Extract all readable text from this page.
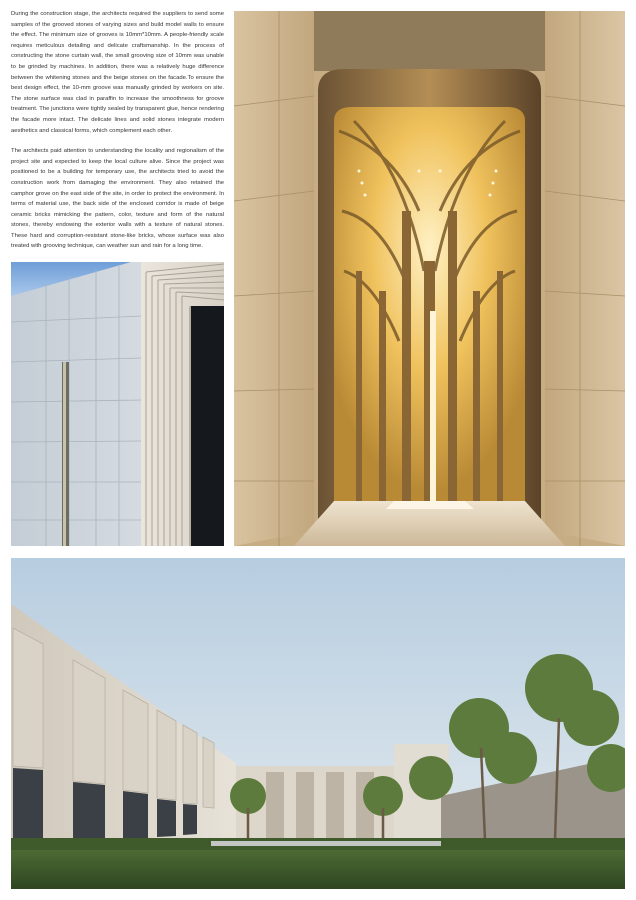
During the construction stage, the architects required the suppliers to send some samples of the grooved stones of varying sizes and build model walls to ensure the effect. The minimum size of grooves is 10mm*10mm. A people-friendly scale requires meticulous detailing and delicate craftsmanship. In the process of constructing the stone curtain wall, the small grooving size of 10mm was unable to be grinded by machines. In addition, there was a relatively huge difference between the whitening stones and the beige stones on the facade.To ensure the best design effect, the 10-mm groove was manually grinded by workers on site. The stone surface was clad in paraffin to increase the smoothness for groove treatment. The junctions were tightly sealed by transparent glue, hence rendering the facade more intact. The delicate lines and solid stones integrate modern aesthetics and classical forms, which complement each other.

The architects paid attention to understanding the locality and regionalism of the project site and expected to keep the local culture alive. Since the project was positioned to be a building for temporary use, the architects tried to avoid the construction work from damaging the environment. They also retained the camphor grove on the east side of the site, in order to protect the environment. In terms of material use, the back side of the enclosed corridor is made of beige ceramic bricks mimicking the pattern, color, texture and form of the natural stones, thereby endowing the exterior walls with a texture of natural stones. These hard and corruption-resistant stone-like bricks, whose surface was also treated with grooving technique, can weather sun and rain for a long time.
